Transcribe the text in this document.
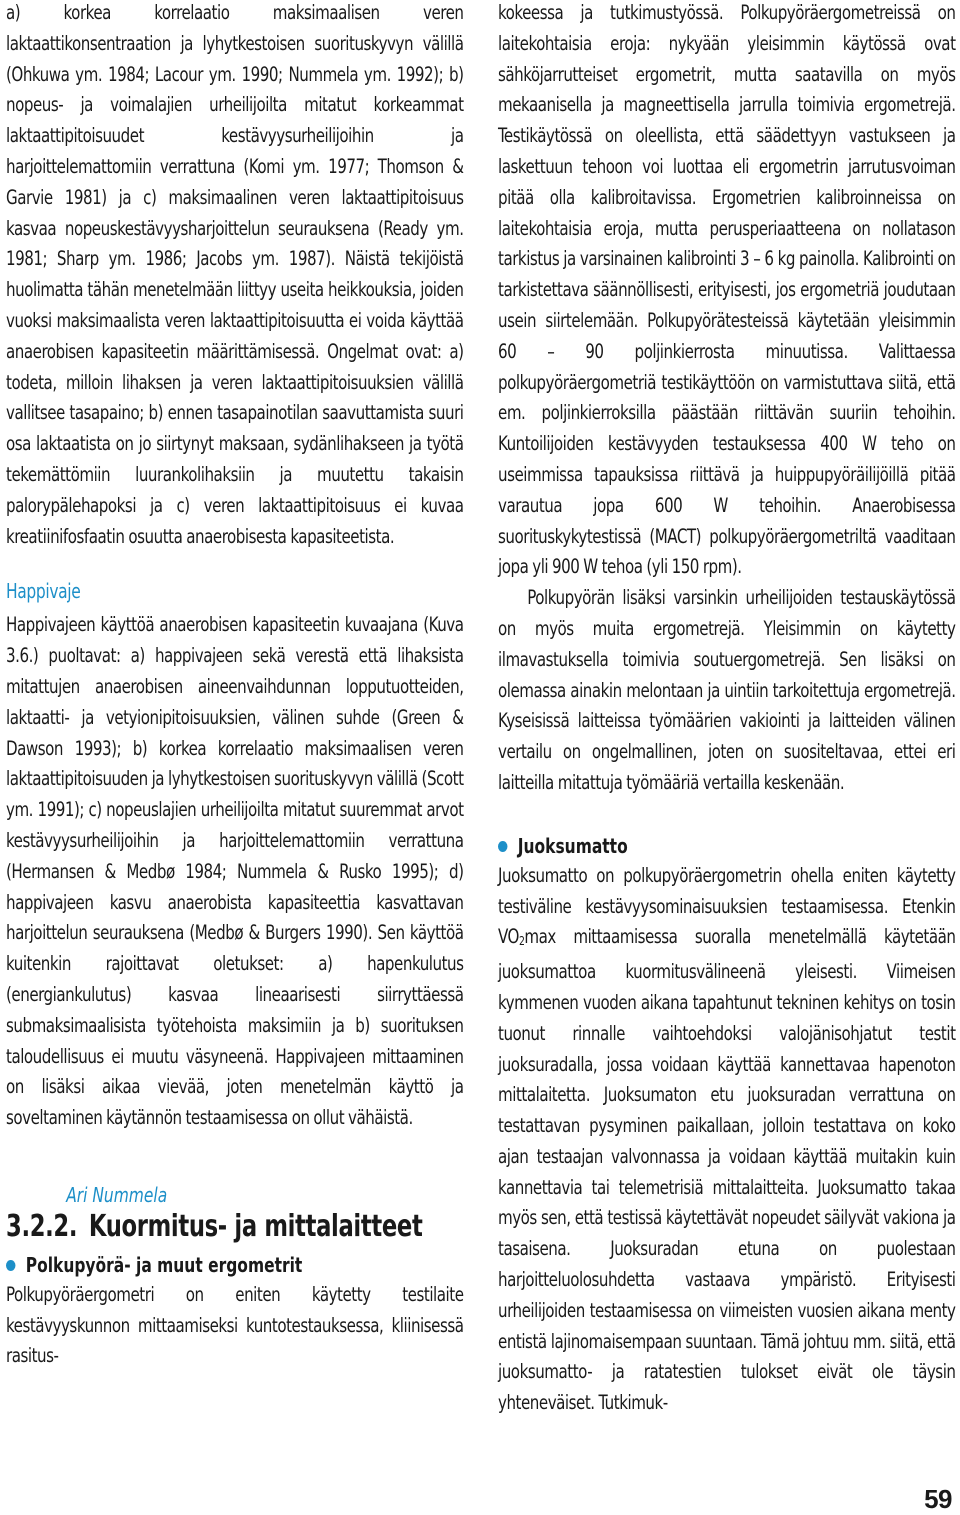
a) korkea korrelaatio maksimaalisen veren laktaattikonsentraation ja lyhytkestoisen suorituskyvyn välillä (Ohkuwa ym. 1984; Lacour ym. 1990; Nummela ym. 1992); b) nopeus- ja voimalajien urheilijoilta mitatut korkeammat laktaattipitoisuudet kestävyysurheilijoihin ja harjoittelemattomiin verrattuna (Komi ym. 1977; Thomson & Garvie 1981) ja c) maksimaalinen veren laktaattipitoisuus kasvaa nopeuskestävyysharjoittelun seurauksena (Ready ym. 1981; Sharp ym. 1986; Jacobs ym. 1987). Näistä tekijöistä huolimatta tähän menetelmään liittyy useita heikkouksia, joiden vuoksi maksimaalista veren laktaattipitoisuutta ei voida käyttää anaerobisen kapasiteetin määrittämisessä. Ongelmat ovat: a) todeta, milloin lihaksen ja veren laktaattipitoisuuksien välillä vallitsee tasapaino; b) ennen tasapainotilan saavuttamista suuri osa laktaatista on jo siirtynyt maksaan, sydänlihakseen ja työtä tekemättömiin luurankolihaksiin ja muutettu takaisin palorypälehapoksi ja c) veren laktaattipitoisuus ei kuvaa kreatiinifosfaatin osuutta anaerobisesta kapasiteetista.

Happivaje

Happivajeen käyttöä anaerobisen kapasiteetin kuvaajana (Kuva 3.6.) puoltavat: a) happivajeen sekä verestä että lihaksista mitattujen anaerobisen aineenvaihdunnan lopputuotteiden, laktaatti- ja vetyionipitoisuuksien, välinen suhde (Green & Dawson 1993); b) korkea korrelaatio maksimaalisen veren laktaattipitoisuuden ja lyhytkestoisen suorituskyvyn välillä (Scott ym. 1991); c) nopeuslajien urheilijoilta mitatut suuremmat arvot kestävyysurheilijoihin ja harjoittelemattomiin verrattuna (Hermansen & Medbø 1984; Nummela & Rusko 1995); d) happivajeen kasvu anaerobista kapasiteettia kasvattavan harjoittelun seurauksena (Medbø & Burgers 1990). Sen käyttöä kuitenkin rajoittavat oletukset: a) hapenkulutus (energiankulutus) kasvaa lineaarisesti siirryttäessä submaksimaalisista työtehoista maksimiin ja b) suorituksen taloudellisuus ei muutu väsyneenä. Happivajeen mittaaminen on lisäksi aikaa vievää, joten menetelmän käyttö ja soveltaminen käytännön testaamisessa on ollut vähäistä.

Ari Nummela

3.2.2. Kuormitus- ja mittalaitteet

Polkupyörä- ja muut ergometrit

Polkupyöräergometri on eniten käytetty testilaite kestävyyskunnon mittaamiseksi kuntotestauksessa, kliinisessä rasitus-

kokeessa ja tutkimustyössä. Polkupyöräergometreissä on laitekohtaisia eroja: nykyään yleisimmin käytössä ovat sähköjarrutteiset ergometrit, mutta saatavilla on myös mekaanisella ja magneettisella jarrulla toimivia ergometrejä. Testikäytössä on oleellista, että säädettyyn vastukseen ja laskettuun tehoon voi luottaa eli ergometrin jarrutusvoiman pitää olla kalibroitavissa. Ergometrien kalibroinneissa on laitekohtaisia eroja, mutta perusperiaatteena on nollatason tarkistus ja varsinainen kalibrointi 3 – 6 kg painolla. Kalibrointi on tarkistettava säännöllisesti, erityisesti, jos ergometriä joudutaan usein siirtelemään. Polkupyörätesteissä käytetään yleisimmin 60 – 90 poljinkierrosta minuutissa. Valittaessa polkupyöräergometriä testikäyttöön on varmistuttava siitä, että em. poljinkierroksilla päästään riittävän suuriin tehoihin. Kuntoilijoiden kestävyyden testauksessa 400 W teho on useimmissa tapauksissa riittävä ja huippupyöräilijöillä pitää varautua jopa 600 W tehoihin. Anaerobisessa suorituskykytestissä (MACT) polkupyöräergometriltä vaaditaan jopa yli 900 W tehoa (yli 150 rpm).

Polkupyörän lisäksi varsinkin urheilijoiden testauskäytössä on myös muita ergometrejä. Yleisimmin on käytetty ilmavastuksella toimivia soutuergometrejä. Sen lisäksi on olemassa ainakin melontaan ja uintiin tarkoitettuja ergometrejä. Kyseisissä laitteissa työmäärien vakiointi ja laitteiden välinen vertailu on ongelmallinen, joten on suositeltavaa, ettei eri laitteilla mitattuja työmääriä vertailla keskenään.

Juoksumatto

Juoksumatto on polkupyöräergometrin ohella eniten käytetty testiväline kestävyysominaisuuksien testaamisessa. Etenkin $VO_2\max$ mittaamisessa suoralla menetelmällä käytetään juoksumattoa kuormitusvälineenä yleisesti. Viimeisen kymmenen vuoden aikana tapahtunut tekninen kehitys on tosin tuonut rinnalle vaihtoehdoksi valojänisohjatut testit juoksuradalla, jossa voidaan käyttää kannettavaa hapenoton mittalaitetta. Juoksumaton etu juoksuradan verrattuna on testattavan pysyminen paikallaan, jolloin testattava on koko ajan testaajan valvonnassa ja voidaan käyttää muitakin kuin kannettavia tai telemetrisiä mittalaitteita. Juoksumatto takaa myös sen, että testissä käytettävät nopeudet säilyvät vakiona ja tasaisena. Juoksuradan etuna on puolestaan harjoitteluolosuhdetta vastaava ympäristö. Erityisesti urheilijoiden testaamisessa on viimeisten vuosien aikana menty entistä lajinomaisempaan suuntaan. Tämä johtuu mm. siitä, että juoksumatto- ja ratatestien tulokset eivät ole täysin yhteneväiset. Tutkimuk-

59
